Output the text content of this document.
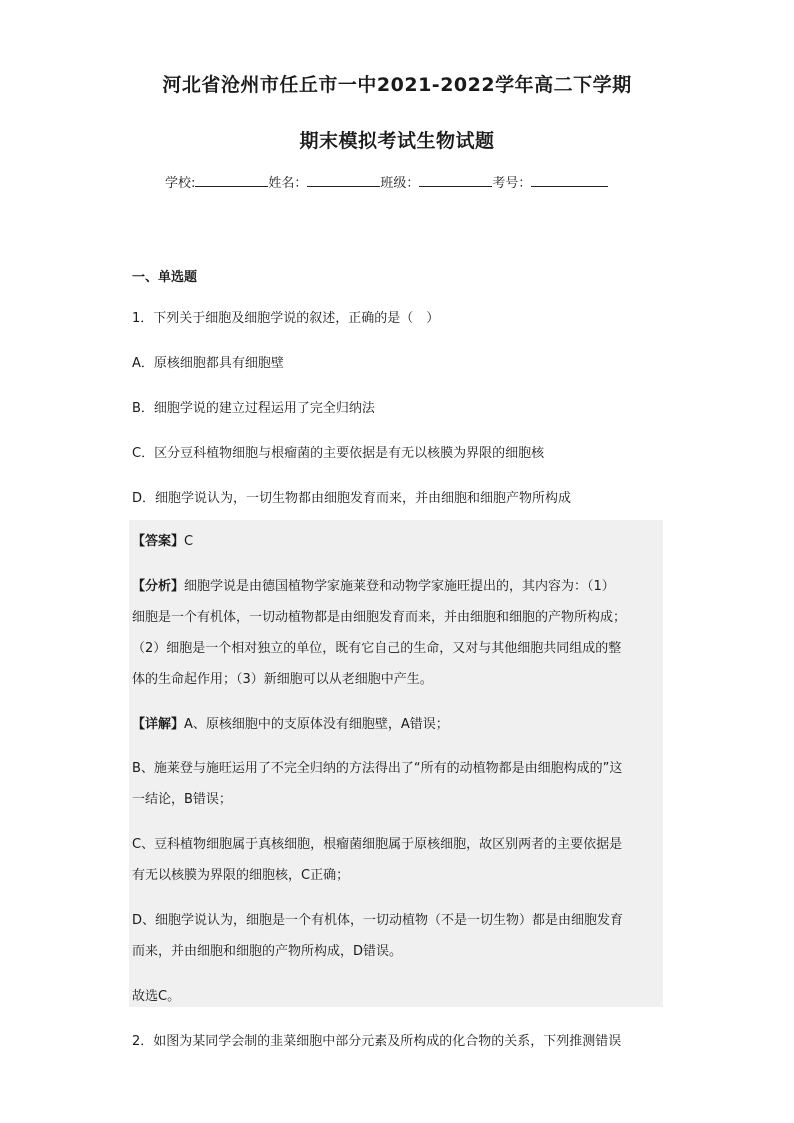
河北省沧州市任丘市一中2021-2022学年高二下学期
期末模拟考试生物试题
学校:	姓名：	班级：	考号：
一、单选题
1．下列关于细胞及细胞学说的叙述，正确的是（　）
A．原核细胞都具有细胞壁
B．细胞学说的建立过程运用了完全归纳法
C．区分豆科植物细胞与根瘤菌的主要依据是有无以核膜为界限的细胞核
D．细胞学说认为，一切生物都由细胞发育而来，并由细胞和细胞产物所构成
【答案】C
【分析】细胞学说是由德国植物学家施莱登和动物学家施旺提出的，其内容为：（1）
细胞是一个有机体，一切动植物都是由细胞发育而来，并由细胞和细胞的产物所构成；
（2）细胞是一个相对独立的单位，既有它自己的生命，又对与其他细胞共同组成的整
体的生命起作用；（3）新细胞可以从老细胞中产生。
【详解】A、原核细胞中的支原体没有细胞壁，A错误；
B、施莱登与施旺运用了不完全归纳的方法得出了“所有的动植物都是由细胞构成的”这
一结论，B错误；
C、豆科植物细胞属于真核细胞，根瘤菌细胞属于原核细胞，故区别两者的主要依据是
有无以核膜为界限的细胞核，C正确；
D、细胞学说认为，细胞是一个有机体，一切动植物（不是一切生物）都是由细胞发育
而来，并由细胞和细胞的产物所构成，D错误。
故选C。
2．如图为某同学会制的韭菜细胞中部分元素及所构成的化合物的关系，下列推测错误
